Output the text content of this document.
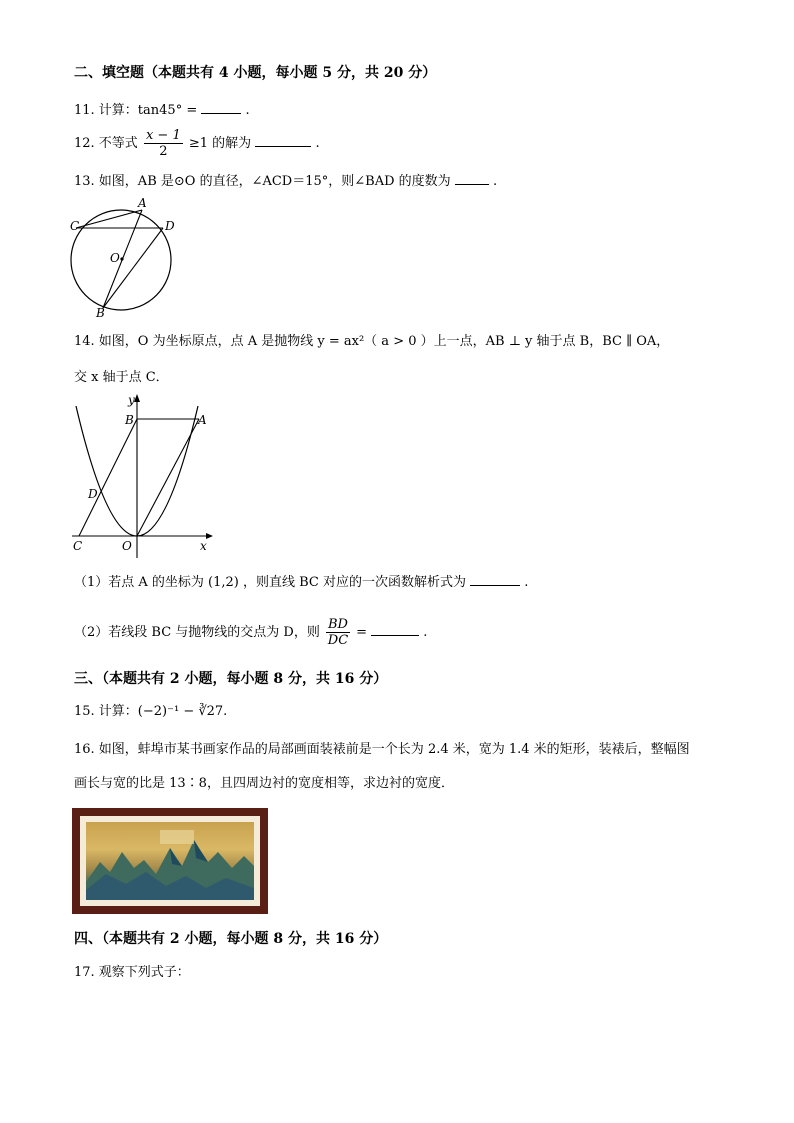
二、填空题（本题共有 4 小题，每小题 5 分，共 20 分）
11. 计算：tan45° =	.
12. 不等式 $\frac{x - 1}{2} \ge 1$ 的解为	.
13. 如图，AB 是⊙O 的直径，∠ACD＝15°，则∠BAD 的度数为	.
C
A
D
O
B
14. 如图，O 为坐标原点，点 A 是抛物线 y = ax²（ a > 0 ）上一点，AB ⊥ y 轴于点 B，BC ∥ OA，
交 x 轴于点 C．
y
B	A
D
C	O	x
（1）若点 A 的坐标为 (1,2) ，则直线 BC 对应的一次函数解析式为	.
（2）若线段 BC 与抛物线的交点为 D，则 $\frac{BD}{DC}$ =	.
三、（本题共有 2 小题，每小题 8 分，共 16 分）
15. 计算：(−2)⁻¹ − ∛27.
16. 如图，蚌埠市某书画家作品的局部画面装裱前是一个长为 2.4 米，宽为 1.4 米的矩形，装裱后，整幅图
画长与宽的比是 13∶8，且四周边衬的宽度相等，求边衬的宽度．
四、（本题共有 2 小题，每小题 8 分，共 16 分）
17. 观察下列式子：
